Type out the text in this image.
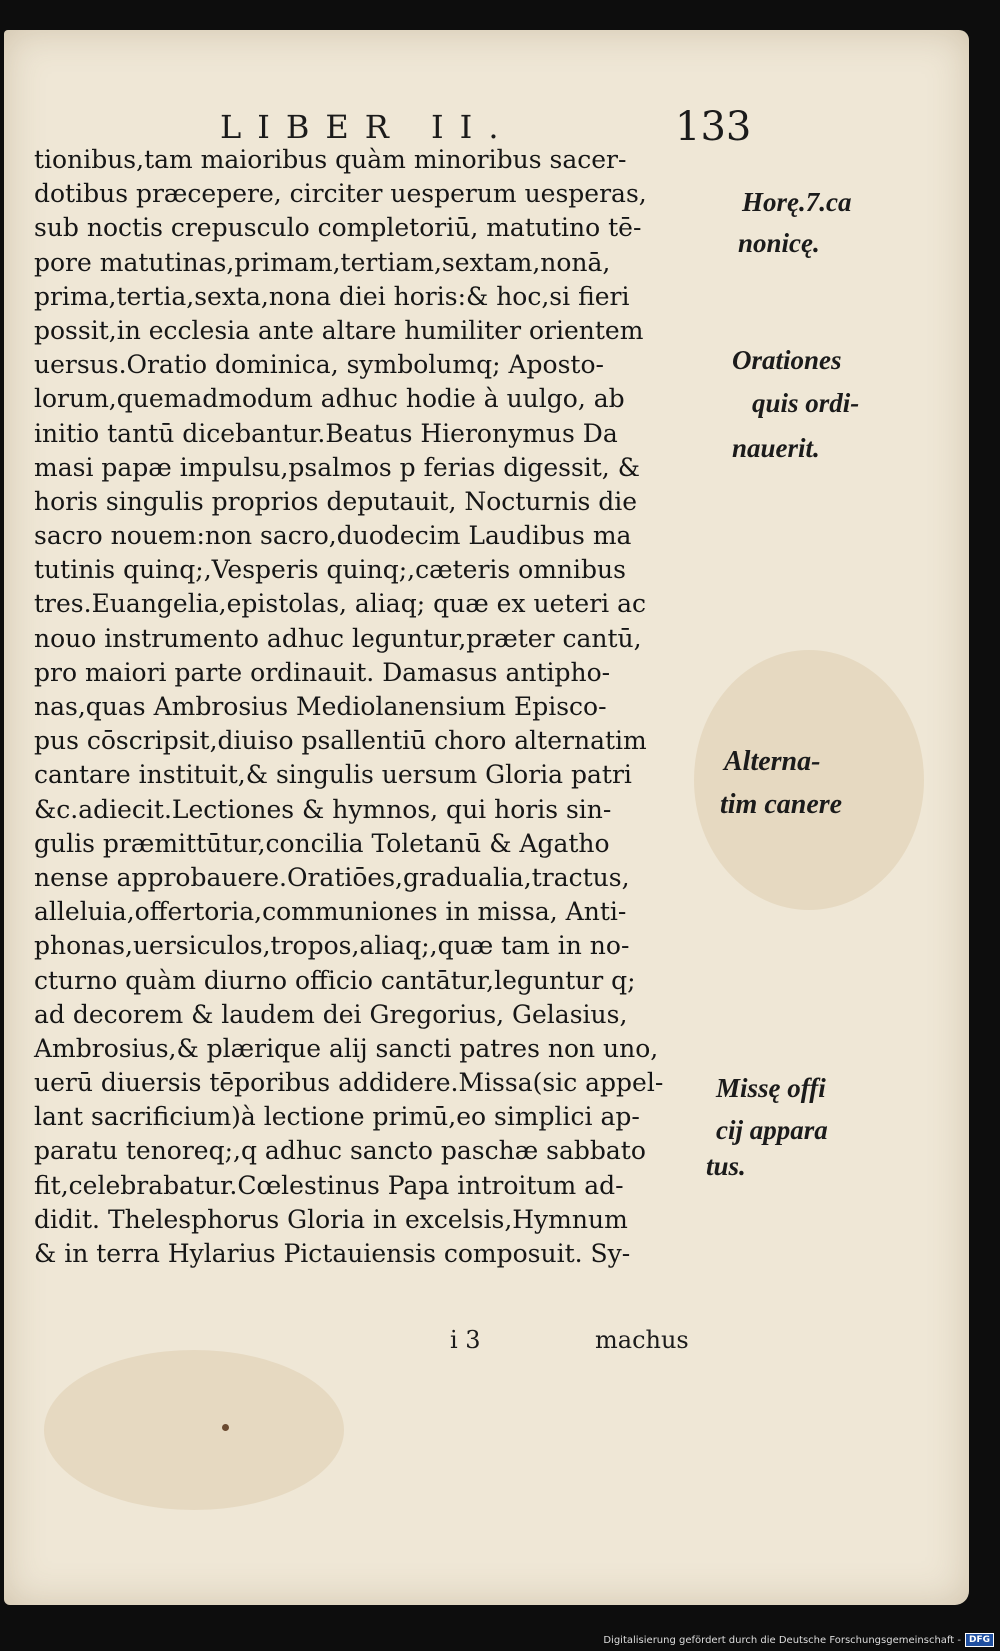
LIBER II.	133
tionibus,tam maioribus quàm minoribus sacer-
dotibus præcepere, circiter uesperum uesperas,
sub noctis crepusculo completoriū, matutino tē-
pore matutinas,primam,tertiam,sextam,nonā,
prima,tertia,sexta,nona diei horis:& hoc,si fieri
possit,in ecclesia ante altare humiliter orientem
uersus.Oratio dominica, symbolumq; Aposto-
lorum,quemadmodum adhuc hodie à uulgo, ab
initio tantū dicebantur.Beatus Hieronymus Da
masi papæ impulsu,psalmos p ferias digessit, &
horis singulis proprios deputauit, Nocturnis die
sacro nouem:non sacro,duodecim Laudibus ma
tutinis quinq;,Vesperis quinq;,cæteris omnibus
tres.Euangelia,epistolas, aliaq; quæ ex ueteri ac
nouo instrumento adhuc leguntur,præter cantū,
pro maiori parte ordinauit. Damasus antipho-
nas,quas Ambrosius Mediolanensium Episco-
pus cōscripsit,diuiso psallentiū choro alternatim
cantare instituit,& singulis uersum Gloria patri
&c.adiecit.Lectiones & hymnos, qui horis sin-
gulis præmittūtur,concilia Toletanū & Agatho
nense approbauere.Oratiōes,gradualia,tractus,
alleluia,offertoria,communiones in missa, Anti-
phonas,uersiculos,tropos,aliaq;,quæ tam in no-
cturno quàm diurno officio cantātur,leguntur q;
ad decorem & laudem dei Gregorius, Gelasius,
Ambrosius,& plærique alij sancti patres non uno,
uerū diuersis tēporibus addidere.Missa(sic appel-
lant sacrificium)à lectione primū,eo simplici ap-
paratu tenoreq;,q adhuc sancto paschæ sabbato
fit,celebrabatur.Cœlestinus Papa introitum ad-
didit. Thelesphorus Gloria in excelsis,Hymnum
& in terra Hylarius Pictauiensis composuit. Sy-
Horę.7.ca
nonicę.
Orationes
quis ordi-
nauerit.
Alterna-
tim canere
Missę offi
cij appara
tus.
i 3	machus
Digitalisierung gefördert durch die Deutsche Forschungsgemeinschaft - DFG
